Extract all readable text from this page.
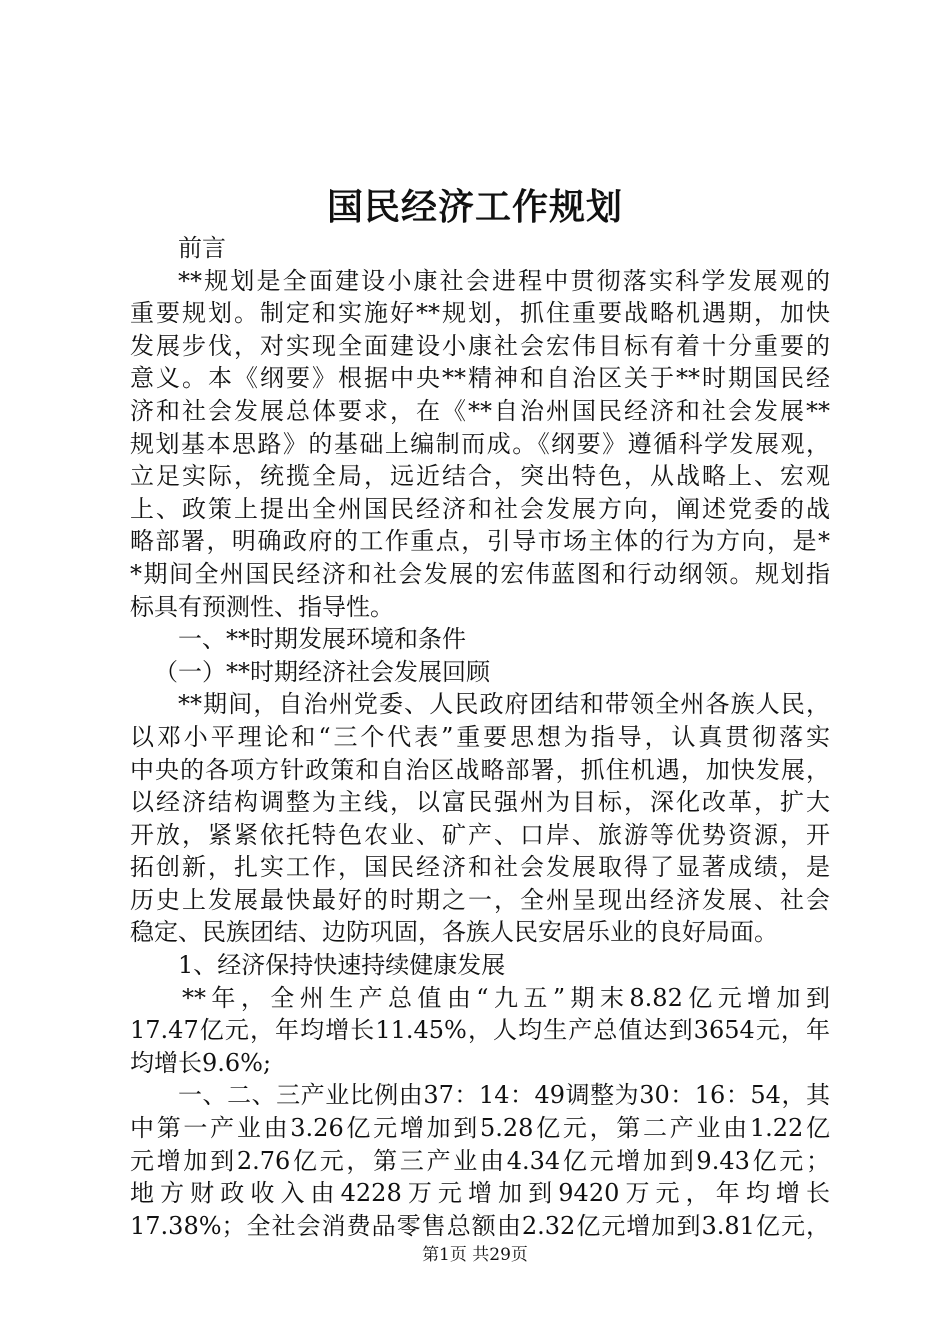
国民经济工作规划
前言
**规划是全面建设小康社会进程中贯彻落实科学发展观的
重要规划。制定和实施好**规划，抓住重要战略机遇期，加快
发展步伐，对实现全面建设小康社会宏伟目标有着十分重要的
意义。本《纲要》根据中央**精神和自治区关于**时期国民经
济和社会发展总体要求，在《**自治州国民经济和社会发展**
规划基本思路》的基础上编制而成。《纲要》遵循科学发展观，
立足实际，统揽全局，远近结合，突出特色，从战略上、宏观
上、政策上提出全州国民经济和社会发展方向，阐述党委的战
略部署，明确政府的工作重点，引导市场主体的行为方向，是*
*期间全州国民经济和社会发展的宏伟蓝图和行动纲领。规划指
标具有预测性、指导性。
一、**时期发展环境和条件
（一）**时期经济社会发展回顾
**期间，自治州党委、人民政府团结和带领全州各族人民，
以邓小平理论和“三个代表”重要思想为指导，认真贯彻落实
中央的各项方针政策和自治区战略部署，抓住机遇，加快发展，
以经济结构调整为主线，以富民强州为目标，深化改革，扩大
开放，紧紧依托特色农业、矿产、口岸、旅游等优势资源，开
拓创新，扎实工作，国民经济和社会发展取得了显著成绩，是
历史上发展最快最好的时期之一，全州呈现出经济发展、社会
稳定、民族团结、边防巩固，各族人民安居乐业的良好局面。
1、经济保持快速持续健康发展
**年，全州生产总值由“九五”期末8.82亿元增加到
17.47亿元，年均增长11.45%，人均生产总值达到3654元，年
均增长9.6%;
一、二、三产业比例由37：14：49调整为30：16：54，其
中第一产业由3.26亿元增加到5.28亿元，第二产业由1.22亿
元增加到2.76亿元，第三产业由4.34亿元增加到9.43亿元；
地方财政收入由4228万元增加到9420万元，年均增长
17.38%；全社会消费品零售总额由2.32亿元增加到3.81亿元，
第1页 共29页
